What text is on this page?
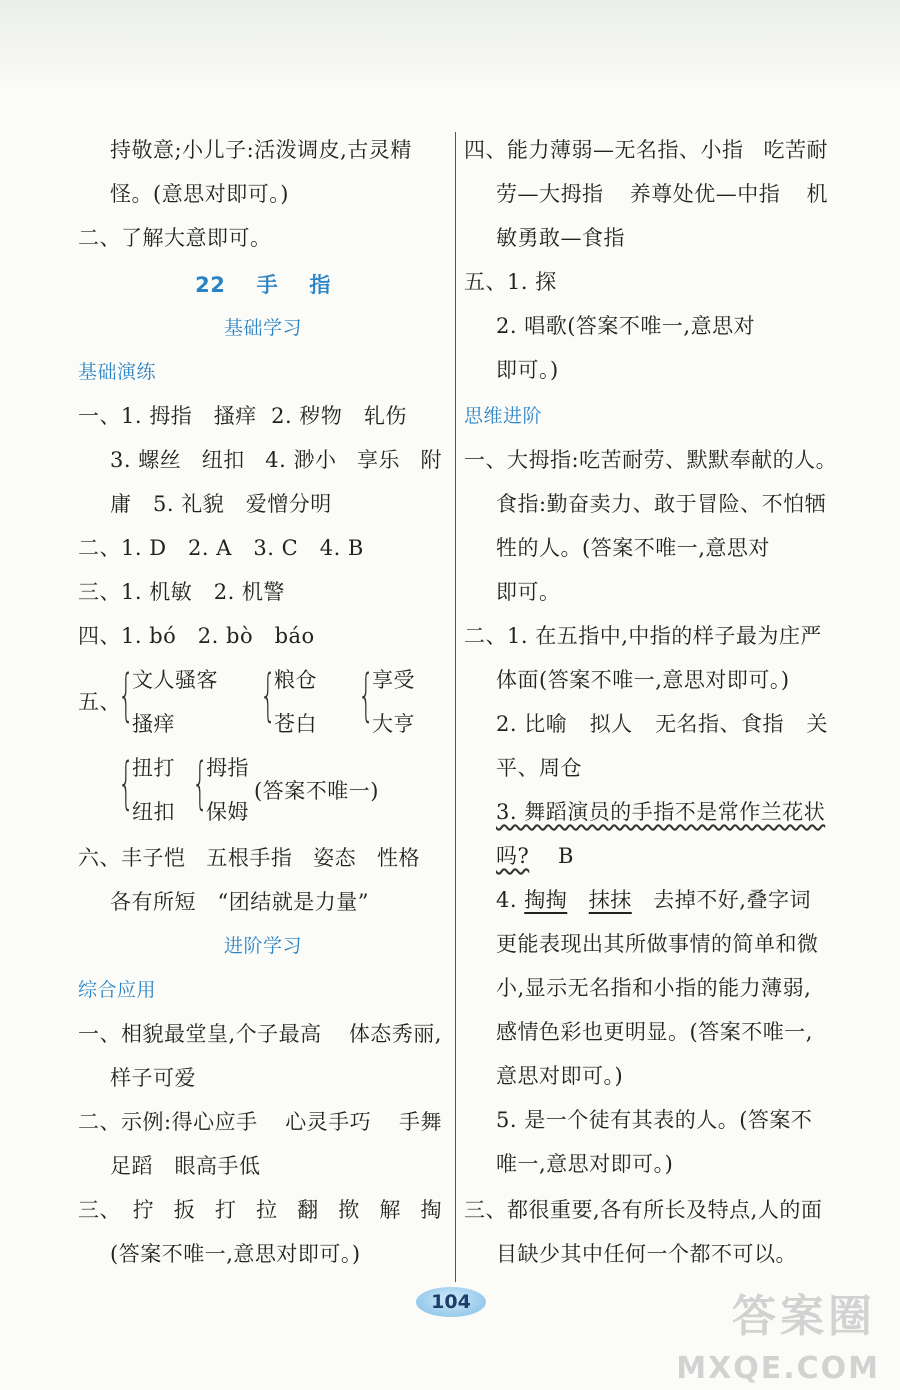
持敬意;小儿子:活泼调皮,古灵精
怪。(意思对即可。)
二、了解大意即可。
22 手 指
基础学习
基础演练
一、1. 拇指 搔痒 2. 秽物 轧伤
3. 螺丝 纽扣 4. 渺小 享乐 附
庸 5. 礼貌 爱憎分明
二、1. D　2. A　3. C　4. B
三、1. 机敏　2. 机警
四、1. bó　2. bò　báo
五、
{
文人骚客
搔痒 {
粮仓
苍白 {
享受
大亨
{
扭打
纽扣 {
拇指
保姆
(答案不唯一)
六、丰子恺 五根手指 姿态 性格
各有所短 “团结就是力量”
进阶学习
综合应用
一、相貌最堂皇,个子最高 体态秀丽,
样子可爱
二、示例:得心应手 心灵手巧 手舞
足蹈 眼高手低
三、 拧 扳 打 拉 翻 揿 解 掏
(答案不唯一,意思对即可。)
四、能力薄弱—无名指、小指 吃苦耐
劳—大拇指 养尊处优—中指 机
敏勇敢—食指
五、1. 探
2. 唱歌(答案不唯一,意思对
即可。)
思维进阶
一、大拇指:吃苦耐劳、默默奉献的人。
食指:勤奋卖力、敢于冒险、不怕牺
牲的人。(答案不唯一,意思对
即可。
二、1. 在五指中,中指的样子最为庄严
体面(答案不唯一,意思对即可。)
2. 比喻 拟人 无名指、食指 关
平、周仓
3. 舞蹈演员的手指不是常作兰花状
吗? B
4. 掏掏 抹抹 去掉不好,叠字词
更能表现出其所做事情的简单和微
小,显示无名指和小指的能力薄弱,
感情色彩也更明显。(答案不唯一,
意思对即可。)
5. 是一个徒有其表的人。(答案不
唯一,意思对即可。)
三、都很重要,各有所长及特点,人的面
目缺少其中任何一个都不可以。
104	答案圈
MXQE.COM
